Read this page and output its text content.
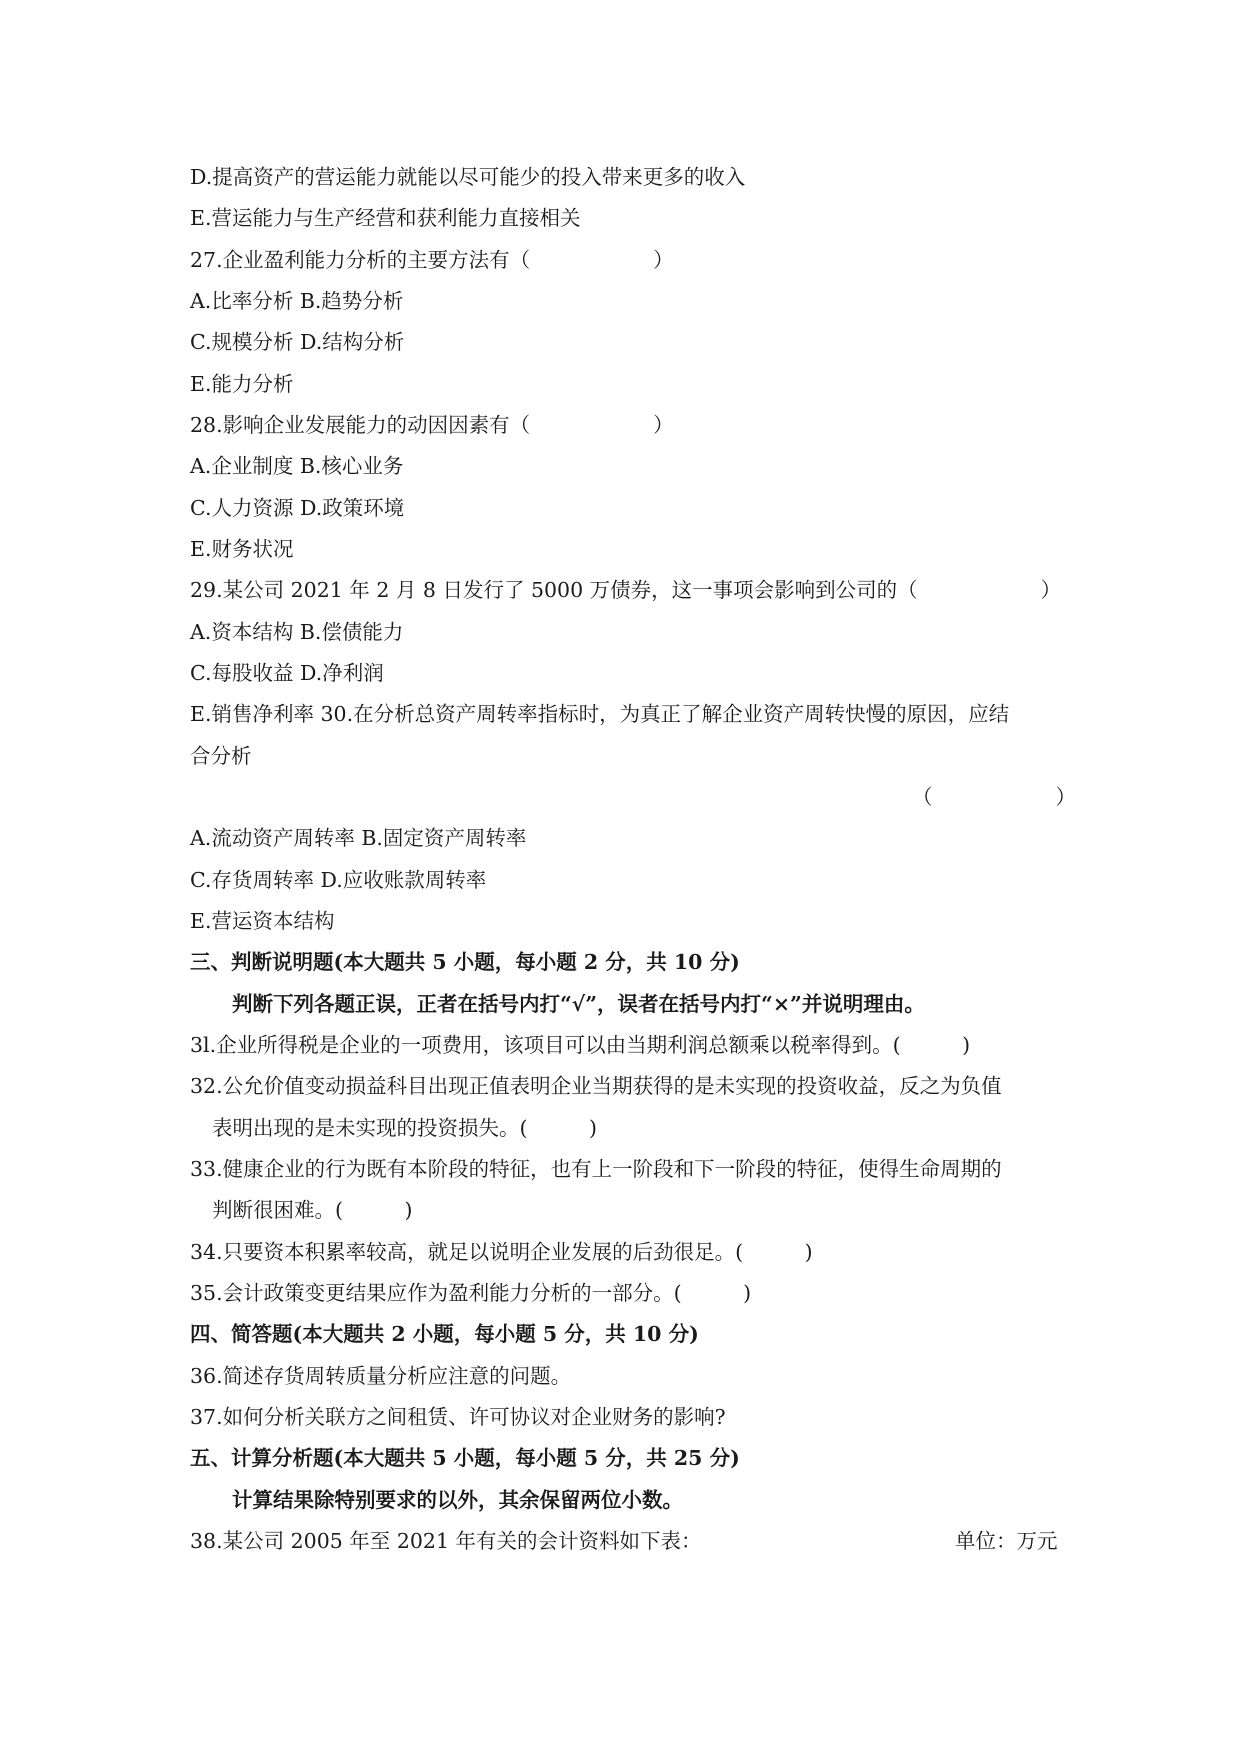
D.提高资产的营运能力就能以尽可能少的投入带来更多的收入
E.营运能力与生产经营和获利能力直接相关
27.企业盈利能力分析的主要方法有（　　　　　　）
A.比率分析 B.趋势分析
C.规模分析 D.结构分析
E.能力分析
28.影响企业发展能力的动因因素有（　　　　　　）
A.企业制度 B.核心业务
C.人力资源 D.政策环境
E.财务状况
29.某公司 2021 年 2 月 8 日发行了 5000 万债券，这一事项会影响到公司的（　　　　　　）
A.资本结构 B.偿债能力
C.每股收益 D.净利润
E.销售净利率 30.在分析总资产周转率指标时，为真正了解企业资产周转快慢的原因，应结
合分析
（　　　　　　）
A.流动资产周转率 B.固定资产周转率
C.存货周转率 D.应收账款周转率
E.营运资本结构
三、判断说明题(本大题共 5 小题，每小题 2 分，共 10 分)
判断下列各题正误，正者在括号内打“√”，误者在括号内打“×”并说明理由。
3l.企业所得税是企业的一项费用，该项目可以由当期利润总额乘以税率得到。(　　　)
32.公允价值变动损益科目出现正值表明企业当期获得的是未实现的投资收益，反之为负值
表明出现的是未实现的投资损失。(　　　)
33.健康企业的行为既有本阶段的特征，也有上一阶段和下一阶段的特征，使得生命周期的
判断很困难。(　　　)
34.只要资本积累率较高，就足以说明企业发展的后劲很足。(　　　)
35.会计政策变更结果应作为盈利能力分析的一部分。(　　　)
四、简答题(本大题共 2 小题，每小题 5 分，共 10 分)
36.简述存货周转质量分析应注意的问题。
37.如何分析关联方之间租赁、许可协议对企业财务的影响?
五、计算分析题(本大题共 5 小题，每小题 5 分，共 25 分)
计算结果除特别要求的以外，其余保留两位小数。
38.某公司 2005 年至 2021 年有关的会计资料如下表：	单位：万元
